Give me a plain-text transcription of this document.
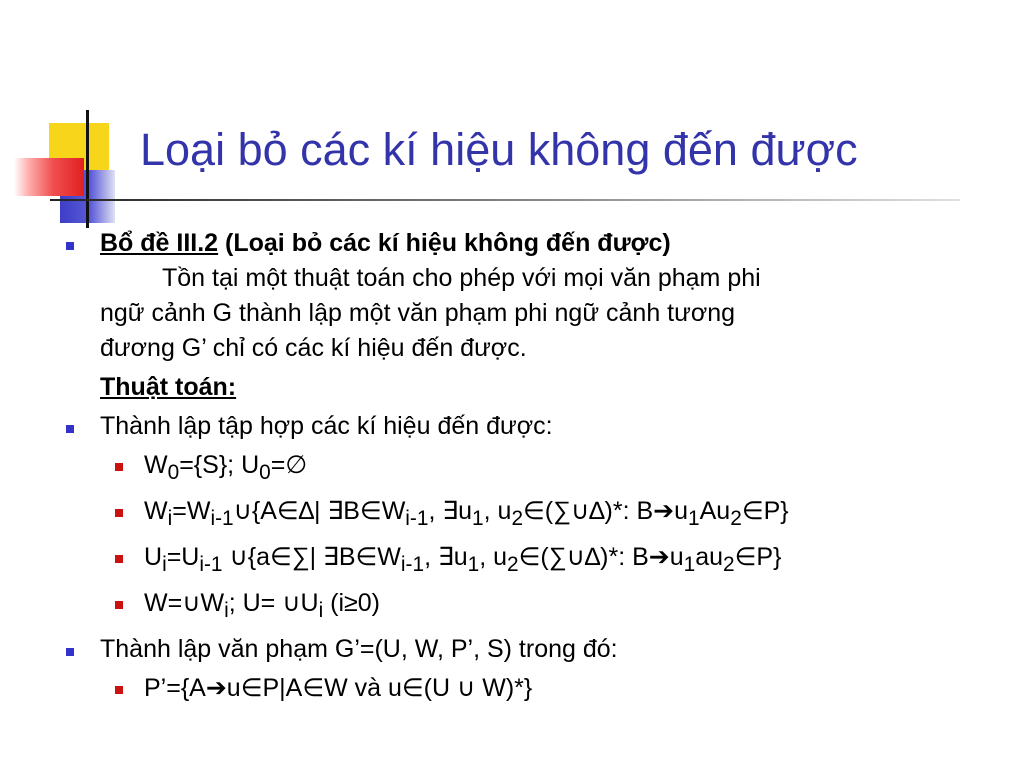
Loại bỏ các kí hiệu không đến được
Bổ đề III.2 (Loại bỏ các kí hiệu không đến được)
Tồn tại một thuật toán cho phép với mọi văn phạm phi
ngữ cảnh G thành lập một văn phạm phi ngữ cảnh tương
đương G’ chỉ có các kí hiệu đến được.
Thuật toán:
Thành lập tập hợp các kí hiệu đến được:
$W_0=\{S\}$; $U_0=\emptyset$
$W_i=W_{i-1}\cup\{A\in\Delta|$ $\exists B\in W_{i-1}$, $\exists u_1$, $u_2\in(\sum\cup\Delta)*$: $B➔u_1Au_2\in P$}
$U_i=U_{i-1}$ ∪{a∈∑| $\exists B\in W_{i-1}$, $\exists u_1$, $u_2\in(\sum\cup\Delta)*$: $B➔u_1au_2\in P$}
$W=\cup W_i$; $U= \cup U_i$ (i≥0)
Thành lập văn phạm G’=(U, W, P’, S) trong đó:
P’={A➔u∈P|A∈W và u∈(U ∪ W)*}
